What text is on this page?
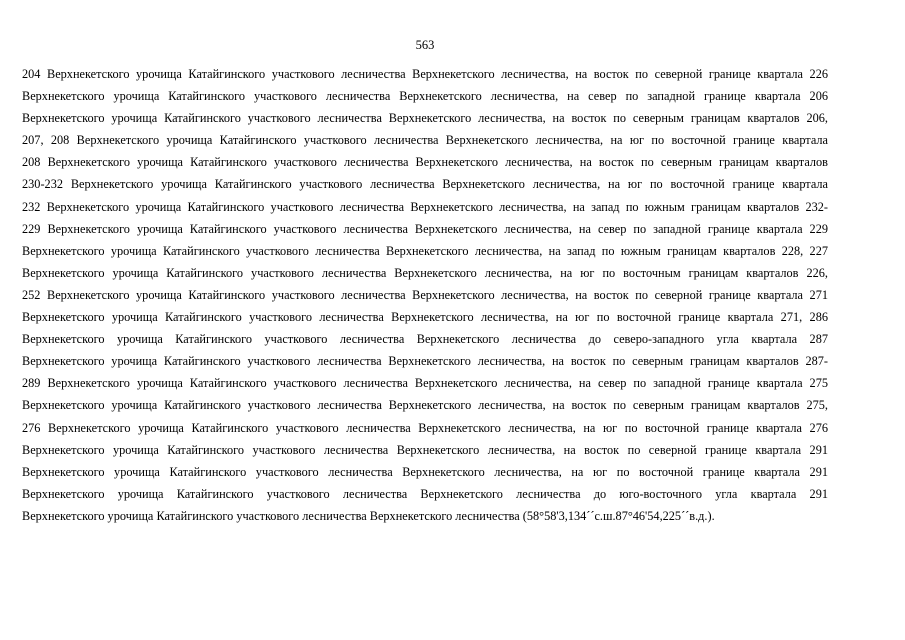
563
204 Верхнекетского урочища Катайгинского участкового лесничества Верхнекетского лесничества, на восток по северной границе квартала 226
Верхнекетского урочища Катайгинского участкового лесничества Верхнекетского лесничества, на север по западной границе квартала 206
Верхнекетского урочища Катайгинского участкового лесничества Верхнекетского лесничества, на восток по северным границам кварталов 206,
207, 208 Верхнекетского урочища Катайгинского участкового лесничества Верхнекетского лесничества, на юг по восточной границе квартала
208 Верхнекетского урочища Катайгинского участкового лесничества Верхнекетского лесничества, на восток по северным границам кварталов
230-232 Верхнекетского урочища Катайгинского участкового лесничества Верхнекетского лесничества, на юг по восточной границе квартала
232 Верхнекетского урочища Катайгинского участкового лесничества Верхнекетского лесничества, на запад по южным границам кварталов 232-
229 Верхнекетского урочища Катайгинского участкового лесничества Верхнекетского лесничества, на север по западной границе квартала 229
Верхнекетского урочища Катайгинского участкового лесничества Верхнекетского лесничества, на запад по южным границам кварталов 228, 227
Верхнекетского урочища Катайгинского участкового лесничества Верхнекетского лесничества, на юг по восточным границам кварталов 226,
252 Верхнекетского урочища Катайгинского участкового лесничества Верхнекетского лесничества, на восток по северной границе квартала 271
Верхнекетского урочища Катайгинского участкового лесничества Верхнекетского лесничества, на юг по восточной границе квартала 271, 286
Верхнекетского урочища Катайгинского участкового лесничества Верхнекетского лесничества до северо-западного угла квартала 287
Верхнекетского урочища Катайгинского участкового лесничества Верхнекетского лесничества, на восток по северным границам кварталов 287-
289 Верхнекетского урочища Катайгинского участкового лесничества Верхнекетского лесничества, на север по западной границе квартала 275
Верхнекетского урочища Катайгинского участкового лесничества Верхнекетского лесничества, на восток по северным границам кварталов 275,
276 Верхнекетского урочища Катайгинского участкового лесничества Верхнекетского лесничества, на юг по восточной границе квартала 276
Верхнекетского урочища Катайгинского участкового лесничества Верхнекетского лесничества, на восток по северной границе квартала 291
Верхнекетского урочища Катайгинского участкового лесничества Верхнекетского лесничества, на юг по восточной границе квартала 291
Верхнекетского урочища Катайгинского участкового лесничества Верхнекетского лесничества до юго-восточного угла квартала 291
Верхнекетского урочища Катайгинского участкового лесничества Верхнекетского лесничества (58°58'3,134´´с.ш.87°46'54,225´´в.д.).
